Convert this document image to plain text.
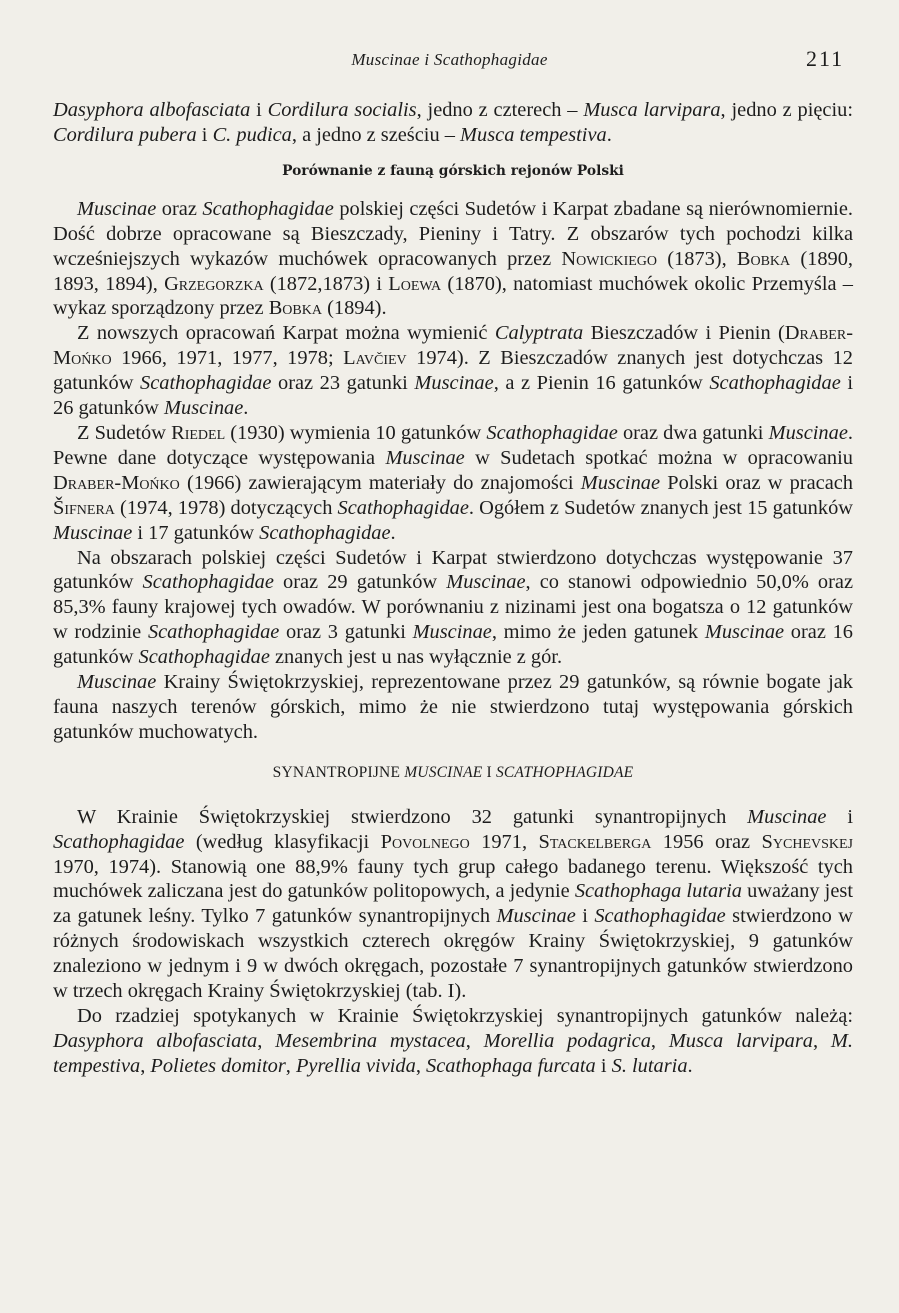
Muscinae i Scathophagidae	211

Dasyphora albofasciata i Cordilura socialis, jedno z czterech – Musca larvipara, jedno z pięciu: Cordilura pubera i C. pudica, a jedno z sześciu – Musca tempestiva.

Porównanie z fauną górskich rejonów Polski

Muscinae oraz Scathophagidae polskiej części Sudetów i Karpat zbadane są nierównomiernie. Dość dobrze opracowane są Bieszczady, Pieniny i Tatry. Z obszarów tych pochodzi kilka wcześniejszych wykazów muchówek opracowanych przez Nowickiego (1873), Bobka (1890, 1893, 1894), Grzegorzka (1872,1873) i Loewa (1870), natomiast muchówek okolic Przemyśla – wykaz sporządzony przez Bobka (1894).

Z nowszych opracowań Karpat można wymienić Calyptrata Bieszczadów i Pienin (Draber-Mońko 1966, 1971, 1977, 1978; Lavčiev 1974). Z Bieszczadów znanych jest dotychczas 12 gatunków Scathophagidae oraz 23 gatunki Muscinae, a z Pienin 16 gatunków Scathophagidae i 26 gatunków Muscinae.

Z Sudetów Riedel (1930) wymienia 10 gatunków Scathophagidae oraz dwa gatunki Muscinae. Pewne dane dotyczące występowania Muscinae w Sudetach spotkać można w opracowaniu Draber-Mońko (1966) zawierającym materiały do znajomości Muscinae Polski oraz w pracach Šifnera (1974, 1978) dotyczących Scathophagidae. Ogółem z Sudetów znanych jest 15 gatunków Muscinae i 17 gatunków Scathophagidae.

Na obszarach polskiej części Sudetów i Karpat stwierdzono dotychczas występowanie 37 gatunków Scathophagidae oraz 29 gatunków Muscinae, co stanowi odpowiednio 50,0% oraz 85,3% fauny krajowej tych owadów. W porównaniu z nizinami jest ona bogatsza o 12 gatunków w rodzinie Scathophagidae oraz 3 gatunki Muscinae, mimo że jeden gatunek Muscinae oraz 16 gatunków Scathophagidae znanych jest u nas wyłącznie z gór.

Muscinae Krainy Świętokrzyskiej, reprezentowane przez 29 gatunków, są równie bogate jak fauna naszych terenów górskich, mimo że nie stwierdzono tutaj występowania górskich gatunków muchowatych.

SYNANTROPIJNE MUSCINAE I SCATHOPHAGIDAE

W Krainie Świętokrzyskiej stwierdzono 32 gatunki synantropijnych Muscinae i Scathophagidae (według klasyfikacji Povolnego 1971, Stackelberga 1956 oraz Sychevskej 1970, 1974). Stanowią one 88,9% fauny tych grup całego badanego terenu. Większość tych muchówek zaliczana jest do gatunków politopowych, a jedynie Scathophaga lutaria uważany jest za gatunek leśny. Tylko 7 gatunków synantropijnych Muscinae i Scathophagidae stwierdzono w różnych środowiskach wszystkich czterech okręgów Krainy Świętokrzyskiej, 9 gatunków znaleziono w jednym i 9 w dwóch okręgach, pozostałe 7 synantropijnych gatunków stwierdzono w trzech okręgach Krainy Świętokrzyskiej (tab. I).

Do rzadziej spotykanych w Krainie Świętokrzyskiej synantropijnych gatunków należą: Dasyphora albofasciata, Mesembrina mystacea, Morellia podagrica, Musca larvipara, M. tempestiva, Polietes domitor, Pyrellia vivida, Scathophaga furcata i S. lutaria.
